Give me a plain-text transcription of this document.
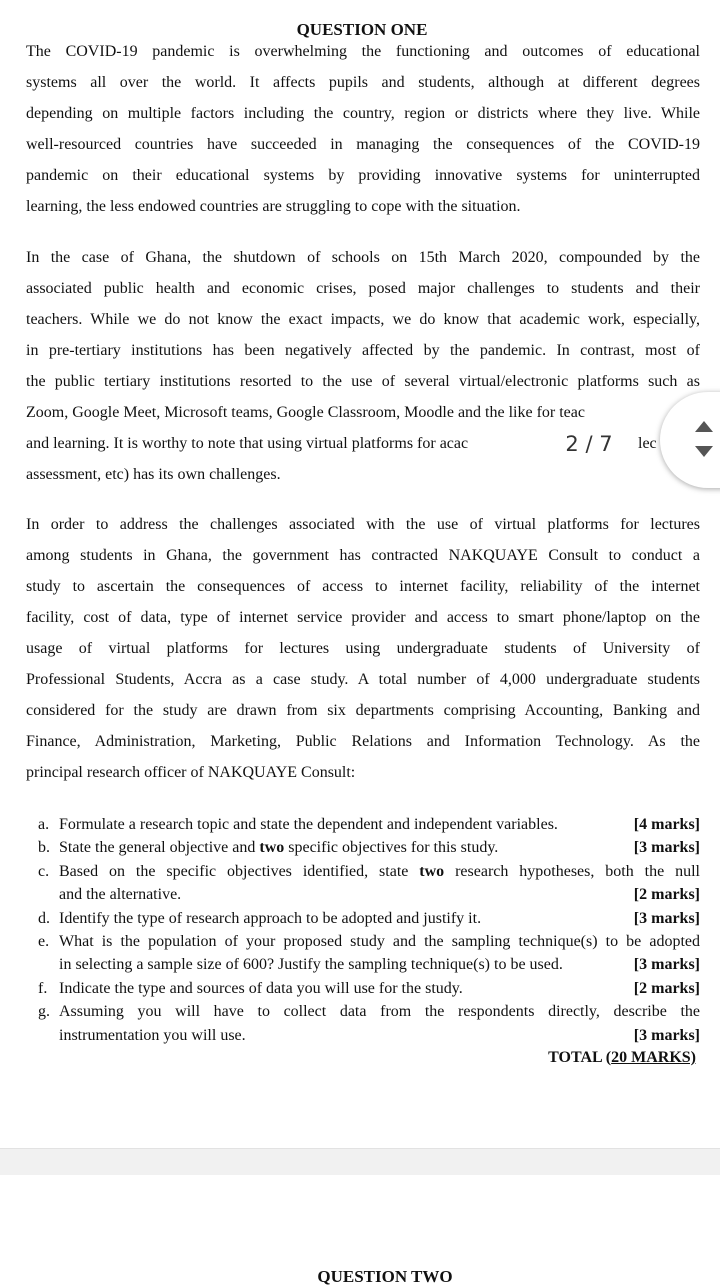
QUESTION ONE
The COVID-19 pandemic is overwhelming the functioning and outcomes of educational
systems all over the world. It affects pupils and students, although at different degrees
depending on multiple factors including the country, region or districts where they live. While
well-resourced countries have succeeded in managing the consequences of the COVID-19
pandemic on their educational systems by providing innovative systems for uninterrupted
learning, the less endowed countries are struggling to cope with the situation.
In the case of Ghana, the shutdown of schools on 15th March 2020, compounded by the
associated public health and economic crises, posed major challenges to students and their
teachers. While we do not know the exact impacts, we do know that academic work, especially,
in pre-tertiary institutions has been negatively affected by the pandemic. In contrast, most of
the public tertiary institutions resorted to the use of several virtual/electronic platforms such as
Zoom, Google Meet, Microsoft teams, Google Classroom, Moodle and the like for teac
and learning. It is worthy to note that using virtual platforms for acac	lec
assessment, etc) has its own challenges.
In order to address the challenges associated with the use of virtual platforms for lectures
among students in Ghana, the government has contracted NAKQUAYE Consult to conduct a
study to ascertain the consequences of access to internet facility, reliability of the internet
facility, cost of data, type of internet service provider and access to smart phone/laptop on the
usage of virtual platforms for lectures using undergraduate students of University of
Professional Students, Accra as a case study. A total number of 4,000 undergraduate students
considered for the study are drawn from six departments comprising Accounting, Banking and
Finance, Administration, Marketing, Public Relations and Information Technology. As the
principal research officer of NAKQUAYE Consult:
a. Formulate a research topic and state the dependent and independent variables.	[4 marks]
b. State the general objective and two specific objectives for this study.	[3 marks]
c. Based on the specific objectives identified, state two research hypotheses, both the null
and the alternative.	[2 marks]
d. Identify the type of research approach to be adopted and justify it.	[3 marks]
e. What is the population of your proposed study and the sampling technique(s) to be adopted
in selecting a sample size of 600? Justify the sampling technique(s) to be used.	[3 marks]
f. Indicate the type and sources of data you will use for the study.	[2 marks]
g. Assuming you will have to collect data from the respondents directly, describe the
instrumentation you will use.	[3 marks]
TOTAL (20 MARKS)
QUESTION TWO
2 / 7
